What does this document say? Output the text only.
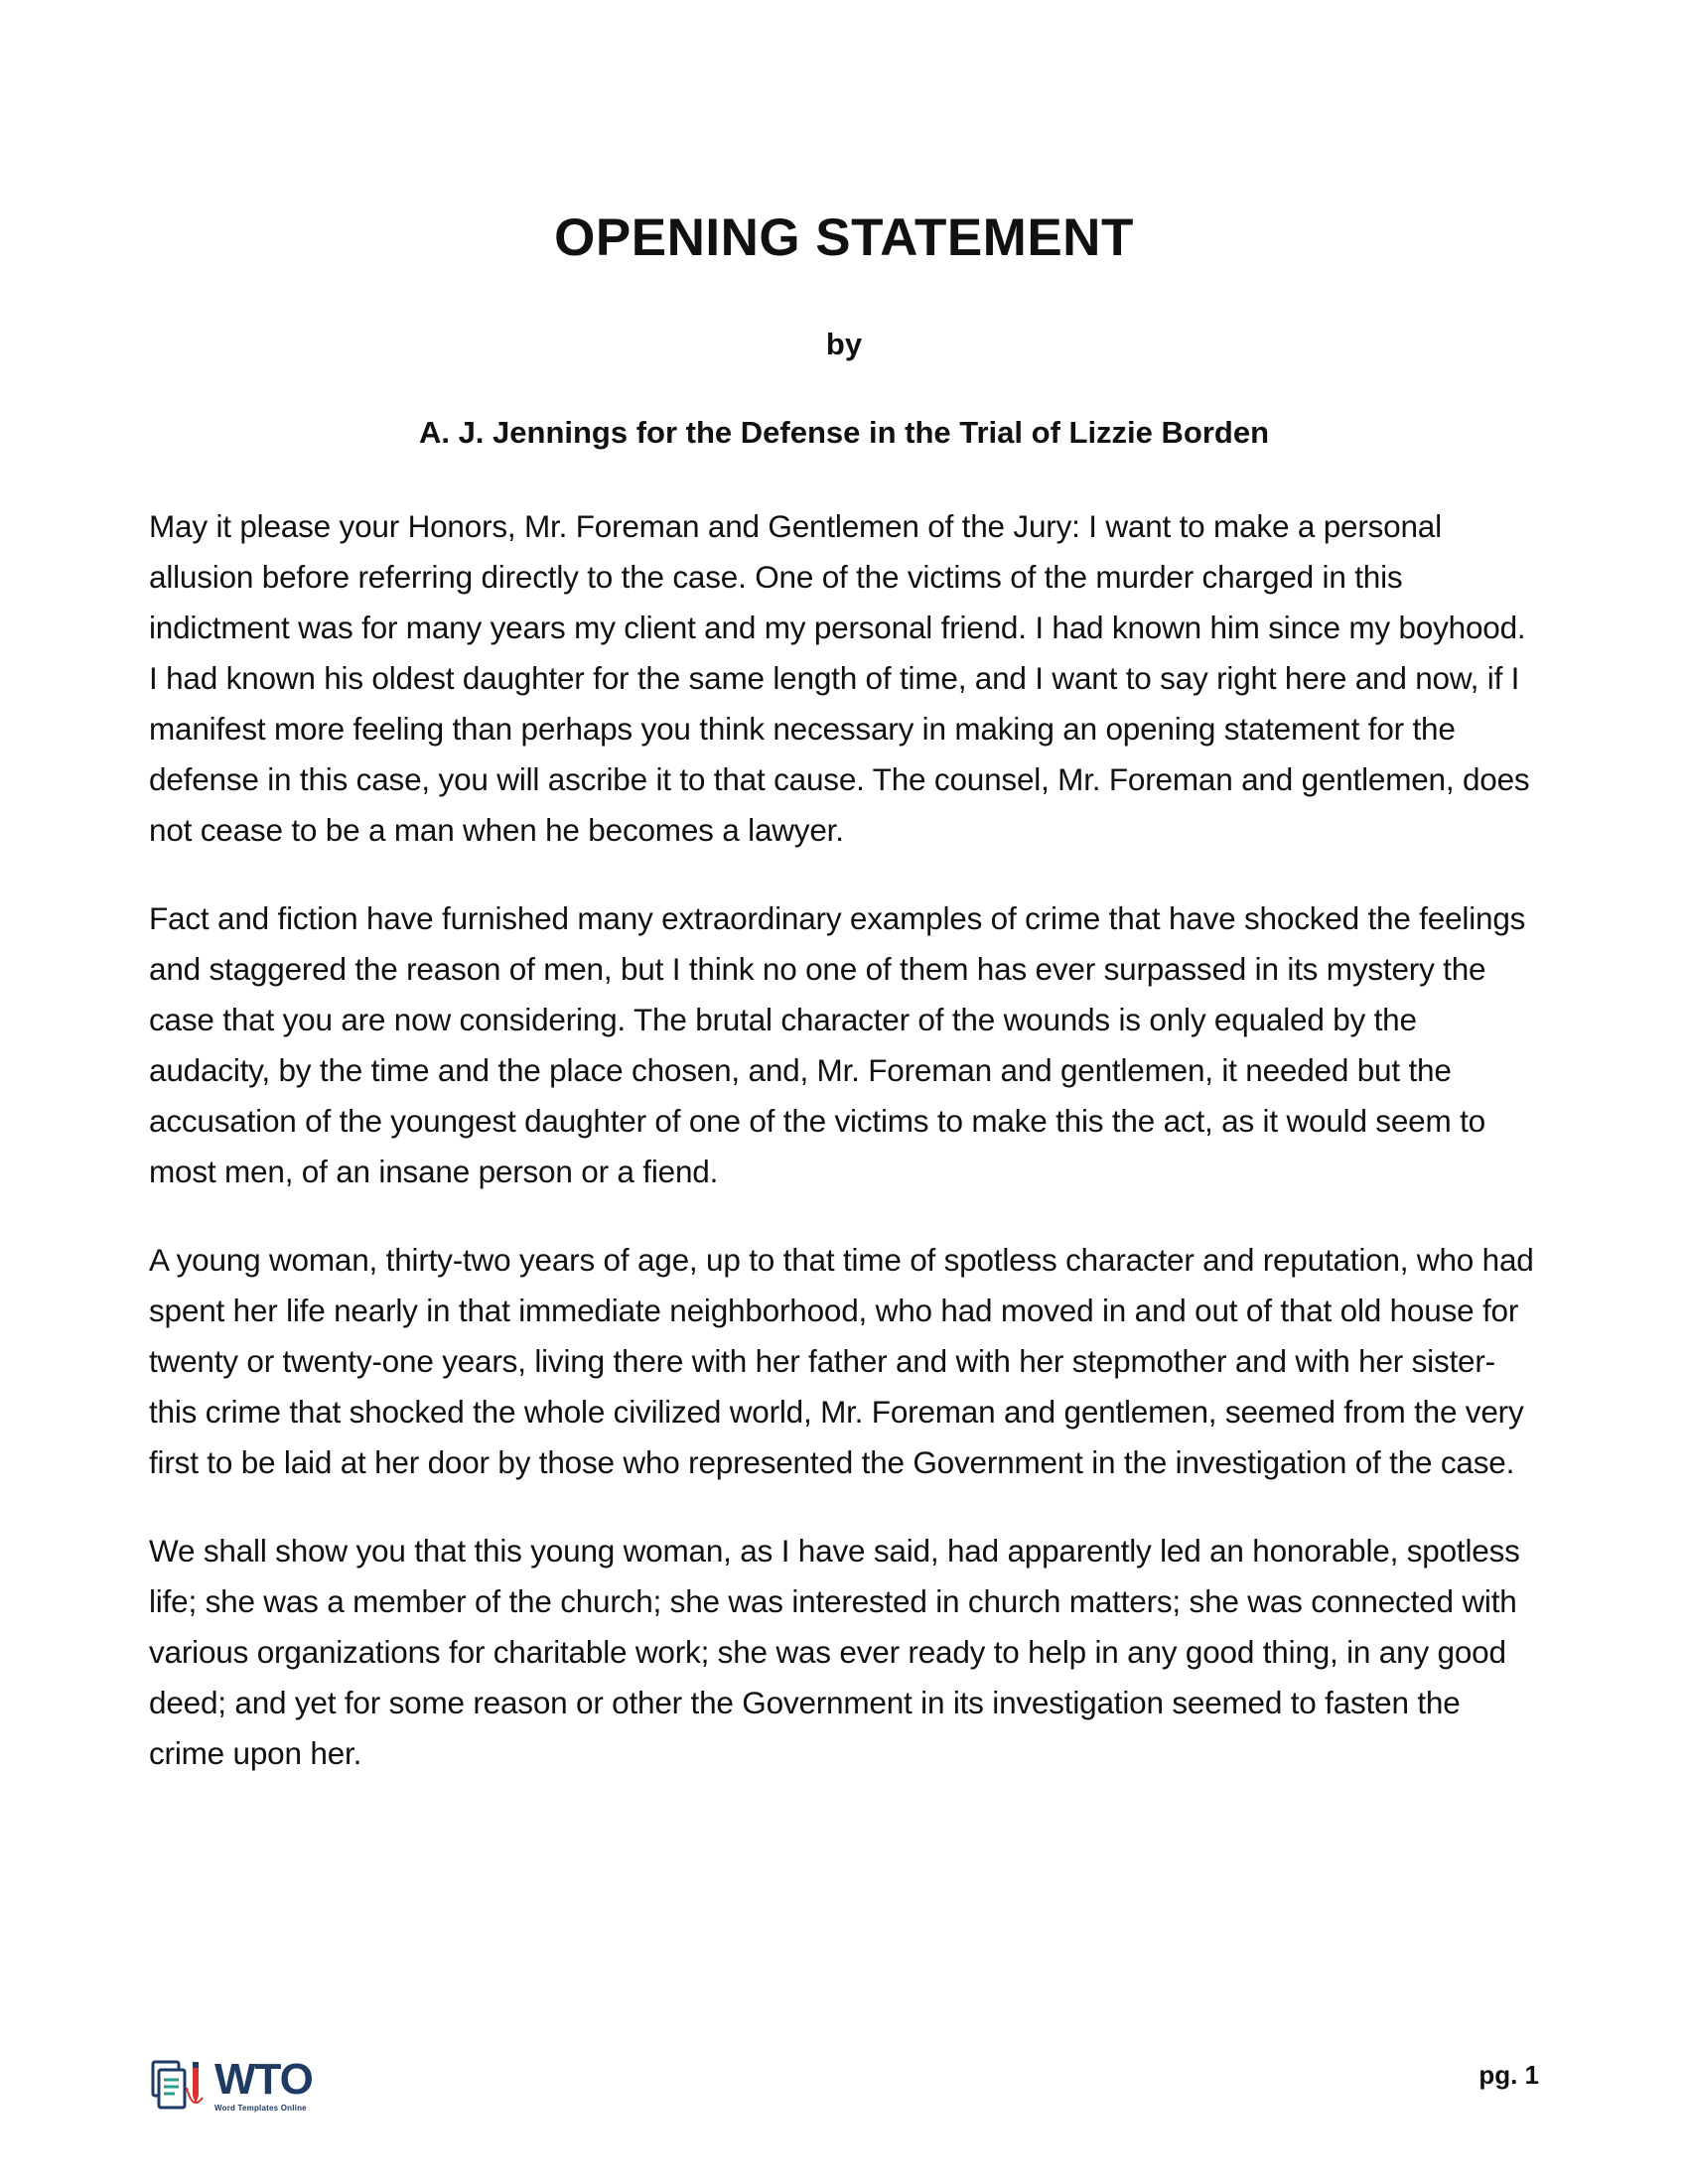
OPENING STATEMENT

by

A. J. Jennings for the Defense in the Trial of Lizzie Borden

May it please your Honors, Mr. Foreman and Gentlemen of the Jury: I want to make a personal allusion before referring directly to the case. One of the victims of the murder charged in this indictment was for many years my client and my personal friend. I had known him since my boyhood. I had known his oldest daughter for the same length of time, and I want to say right here and now, if I manifest more feeling than perhaps you think necessary in making an opening statement for the defense in this case, you will ascribe it to that cause. The counsel, Mr. Foreman and gentlemen, does not cease to be a man when he becomes a lawyer.

Fact and fiction have furnished many extraordinary examples of crime that have shocked the feelings and staggered the reason of men, but I think no one of them has ever surpassed in its mystery the case that you are now considering. The brutal character of the wounds is only equaled by the audacity, by the time and the place chosen, and, Mr. Foreman and gentlemen, it needed but the accusation of the youngest daughter of one of the victims to make this the act, as it would seem to most men, of an insane person or a fiend.

A young woman, thirty-two years of age, up to that time of spotless character and reputation, who had spent her life nearly in that immediate neighborhood, who had moved in and out of that old house for twenty or twenty-one years, living there with her father and with her stepmother and with her sister-this crime that shocked the whole civilized world, Mr. Foreman and gentlemen, seemed from the very first to be laid at her door by those who represented the Government in the investigation of the case.

We shall show you that this young woman, as I have said, had apparently led an honorable, spotless life; she was a member of the church; she was interested in church matters; she was connected with various organizations for charitable work; she was ever ready to help in any good thing, in any good deed; and yet for some reason or other the Government in its investigation seemed to fasten the crime upon her.

WTO
Word Templates Online
pg. 1
